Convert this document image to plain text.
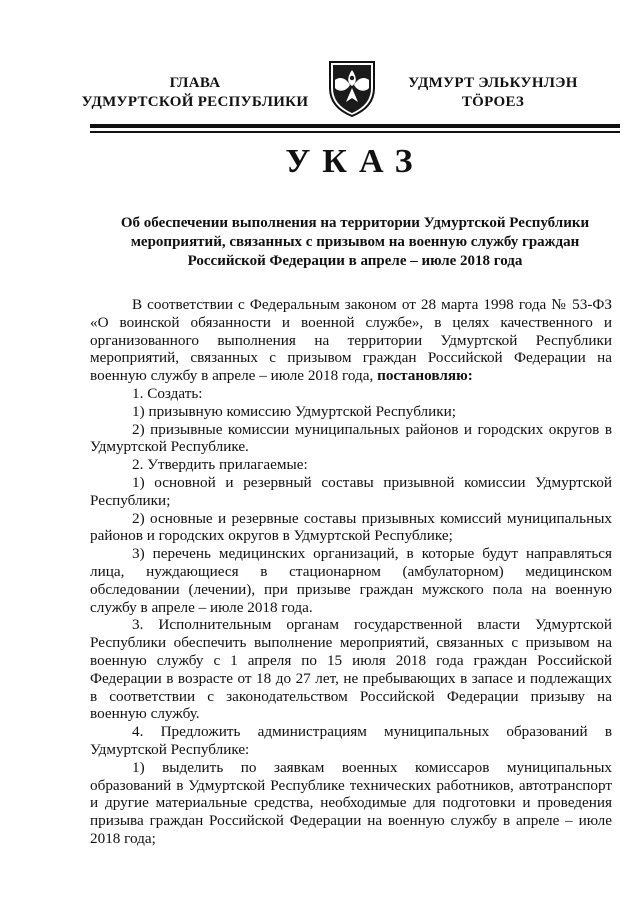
ГЛАВА
УДМУРТСКОЙ РЕСПУБЛИКИ
УДМУРТ ЭЛЬКУНЛЭН
ТӦРОЕЗ
УКАЗ
Об обеспечении выполнения на территории Удмуртской Республики
мероприятий, связанных с призывом на военную службу граждан
Российской Федерации в апреле – июле 2018 года

В соответствии с Федеральным законом от 28 марта 1998 года № 53-ФЗ «О воинской обязанности и военной службе», в целях качественного и организованного выполнения на территории Удмуртской Республики мероприятий, связанных с призывом граждан Российской Федерации на военную службу в апреле – июле 2018 года, постановляю:

1. Создать:

1) призывную комиссию Удмуртской Республики;

2) призывные комиссии муниципальных районов и городских округов в Удмуртской Республике.

2. Утвердить прилагаемые:

1) основной и резервный составы призывной комиссии Удмуртской Республики;

2) основные и резервные составы призывных комиссий муниципальных районов и городских округов в Удмуртской Республике;

3) перечень медицинских организаций, в которые будут направляться лица, нуждающиеся в стационарном (амбулаторном) медицинском обследовании (лечении), при призыве граждан мужского пола на военную службу в апреле – июле 2018 года.

3. Исполнительным органам государственной власти Удмуртской Республики обеспечить выполнение мероприятий, связанных с призывом на военную службу с 1 апреля по 15 июля 2018 года граждан Российской Федерации в возрасте от 18 до 27 лет, не пребывающих в запасе и подлежащих в соответствии с законодательством Российской Федерации призыву на военную службу.

4. Предложить администрациям муниципальных образований в Удмуртской Республике:

1) выделить по заявкам военных комиссаров муниципальных образований в Удмуртской Республике технических работников, автотранспорт и другие материальные средства, необходимые для подготовки и проведения призыва граждан Российской Федерации на военную службу в апреле – июле 2018 года;
